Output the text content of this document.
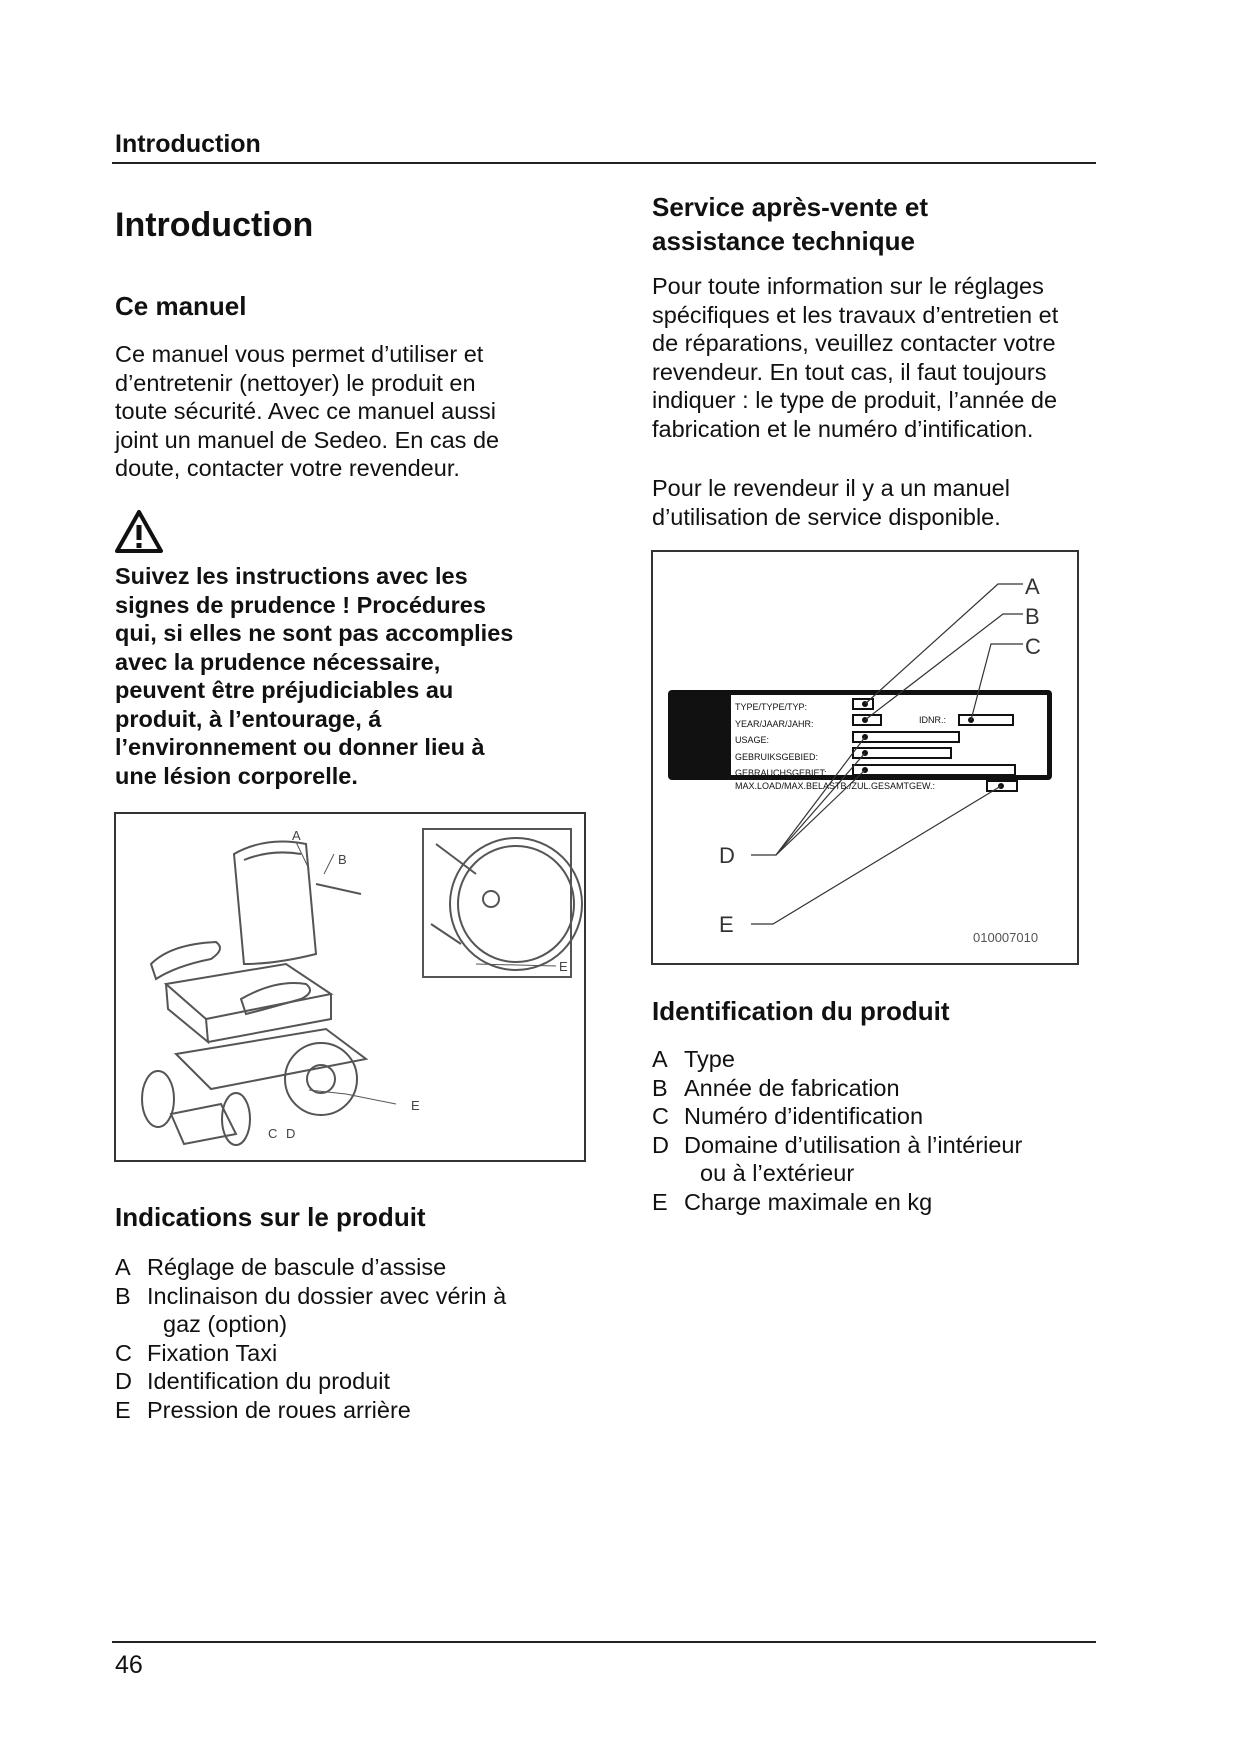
Introduction
Introduction
Ce manuel
Ce manuel vous permet d’utiliser et
d’entretenir (nettoyer) le produit en
toute sécurité. Avec ce manuel aussi
joint un manuel de Sedeo. En cas de
doute, contacter votre revendeur.
Suivez les instructions avec les
signes de prudence ! Procédures
qui, si elles ne sont pas accomplies
avec la prudence nécessaire,
peuvent être préjudiciables au
produit, à l’entourage, á
l’environnement ou donner lieu à
une lésion corporelle.
A
B
C D
E
E
Indications sur le produit
A Réglage de bascule d’assise
B Inclinaison du dossier avec vérin à
gaz (option)
C Fixation Taxi
D Identification du produit
E Pression de roues arrière
Service après-vente et
assistance technique
Pour toute information sur le réglages
spécifiques et les travaux d’entretien et
de réparations, veuillez contacter votre
revendeur. En tout cas, il faut toujours
indiquer : le type de produit, l’année de
fabrication et le numéro d’intification.
Pour le revendeur il y a un manuel
d’utilisation de service disponible.
TYPE/TYPE/TYP:
YEAR/JAAR/JAHR:
USAGE:
GEBRUIKSGEBIED:
GEBRAUCHSGEBIET:
MAX.LOAD/MAX.BELASTB./ZUL.GESAMTGEW.:
IDNR.:
A
B
C
D
E
010007010
Identification du produit
A Type
B Année de fabrication
C Numéro d’identification
D Domaine d’utilisation à l’intérieur
ou à l’extérieur
E Charge maximale en kg
46
